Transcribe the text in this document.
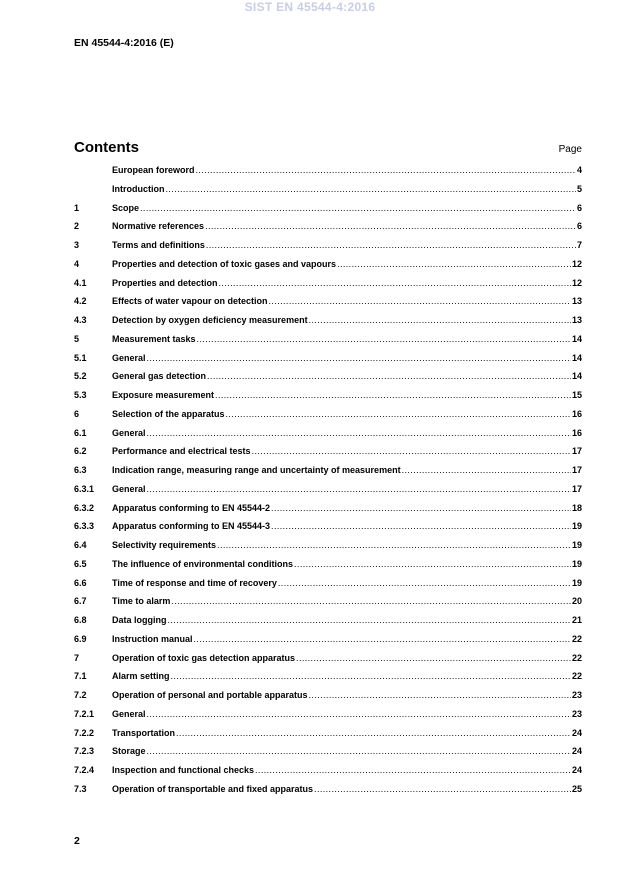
SIST EN 45544-4:2016
EN 45544-4:2016 (E)
Contents	Page
European foreword .....	4
Introduction .....	5
1	Scope .....	6
2	Normative references .....	6
3	Terms and definitions .....	7
4	Properties and detection of toxic gases and vapours .....	12
4.1	Properties and detection .....	12
4.2	Effects of water vapour on detection .....	13
4.3	Detection by oxygen deficiency measurement .....	13
5	Measurement tasks .....	14
5.1	General .....	14
5.2	General gas detection .....	14
5.3	Exposure measurement .....	15
6	Selection of the apparatus .....	16
6.1	General .....	16
6.2	Performance and electrical tests .....	17
6.3	Indication range, measuring range and uncertainty of measurement .....	17
6.3.1	General .....	17
6.3.2	Apparatus conforming to EN 45544-2 .....	18
6.3.3	Apparatus conforming to EN 45544-3 .....	19
6.4	Selectivity requirements .....	19
6.5	The influence of environmental conditions .....	19
6.6	Time of response and time of recovery .....	19
6.7	Time to alarm .....	20
6.8	Data logging .....	21
6.9	Instruction manual .....	22
7	Operation of toxic gas detection apparatus .....	22
7.1	Alarm setting .....	22
7.2	Operation of personal and portable apparatus .....	23
7.2.1	General .....	23
7.2.2	Transportation .....	24
7.2.3	Storage .....	24
7.2.4	Inspection and functional checks .....	24
7.3	Operation of transportable and fixed apparatus .....	25
2
